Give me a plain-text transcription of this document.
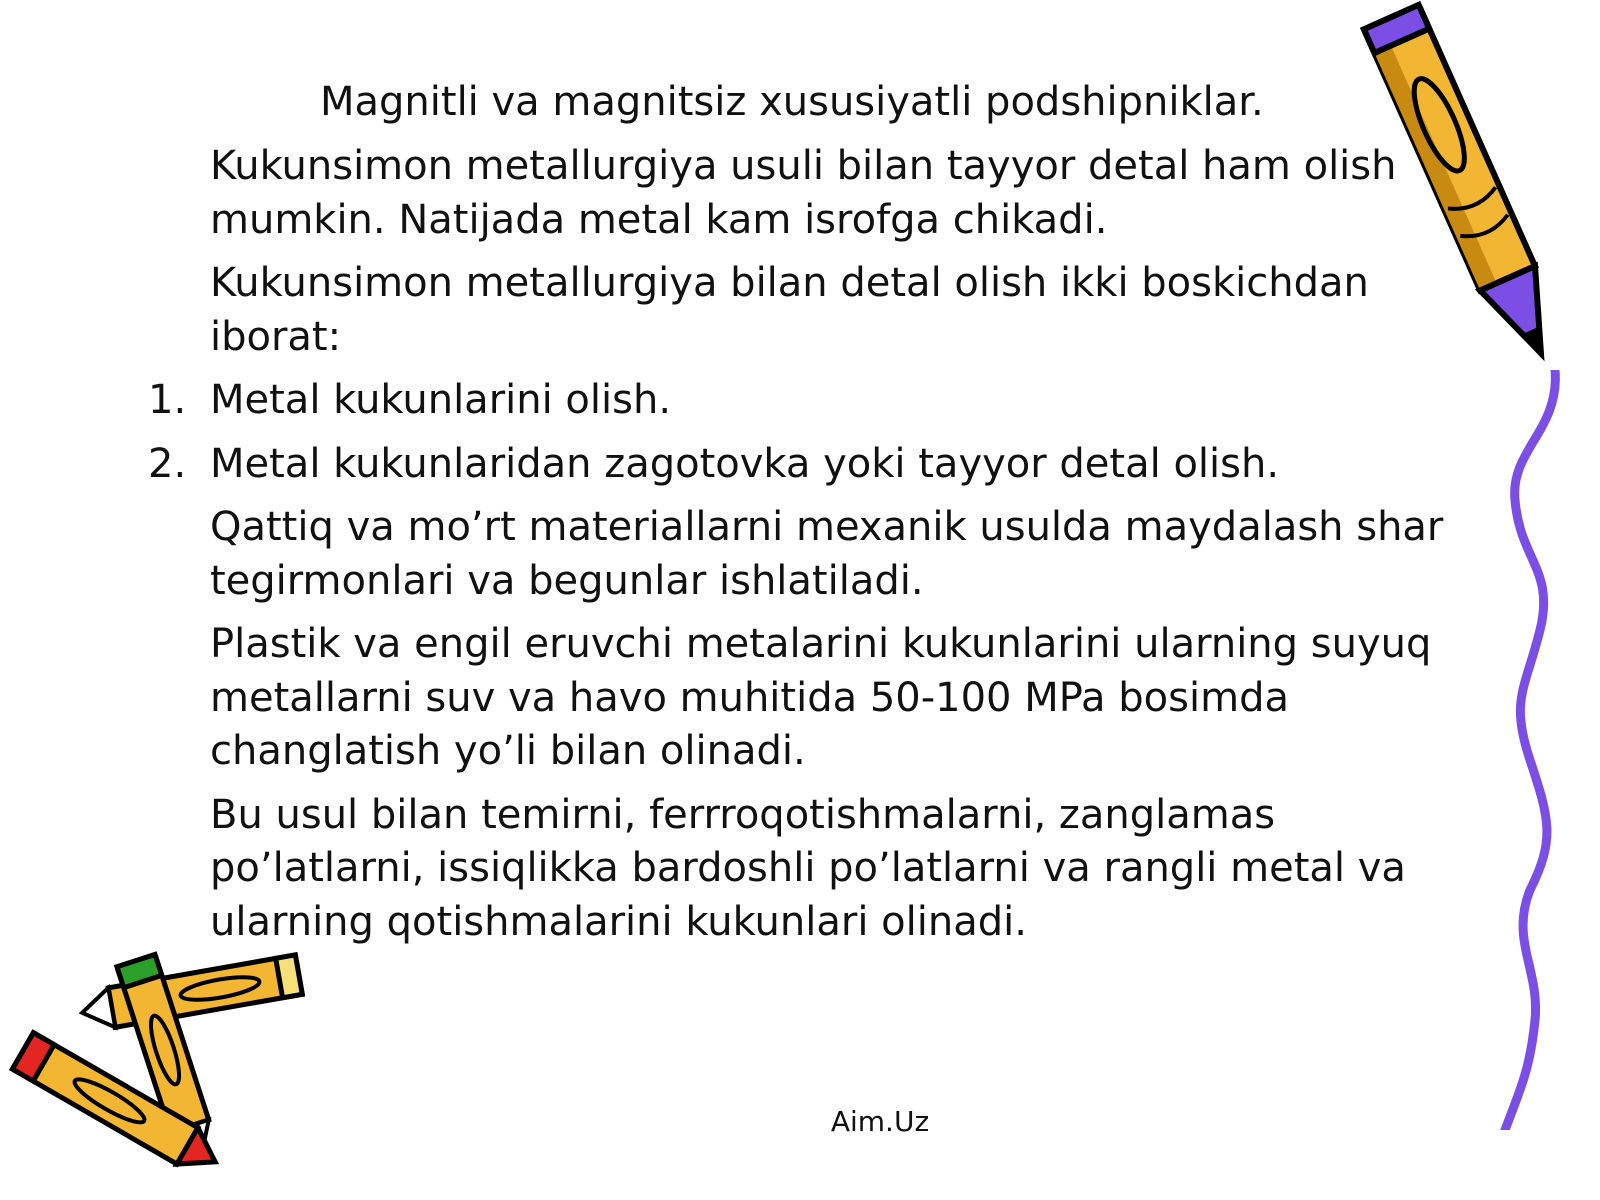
Magnitli va magnitsiz xususiyatli podshipniklar.

Kukunsimon metallurgiya usuli bilan tayyor detal ham olish mumkin. Natijada metal kam isrofga chikadi.

Kukunsimon metallurgiya bilan detal olish ikki boskichdan iborat:

1. Metal kukunlarini olish.
2. Metal kukunlaridan zagotovka yoki tayyor detal olish.

Qattiq va mo’rt materiallarni mexanik usulda maydalash shar tegirmonlari va begunlar ishlatiladi.

Plastik va engil eruvchi metalarini kukunlarini ularning suyuq metallarni suv va havo muhitida 50-100 MPa bosimda changlatish yo’li bilan olinadi.

Bu usul bilan temirni, ferrroqotishmalarni, zanglamas po’latlarni, issiqlikka bardoshli po’latlarni va rangli metal va ularning qotishmalarini kukunlari olinadi.

Aim.Uz
